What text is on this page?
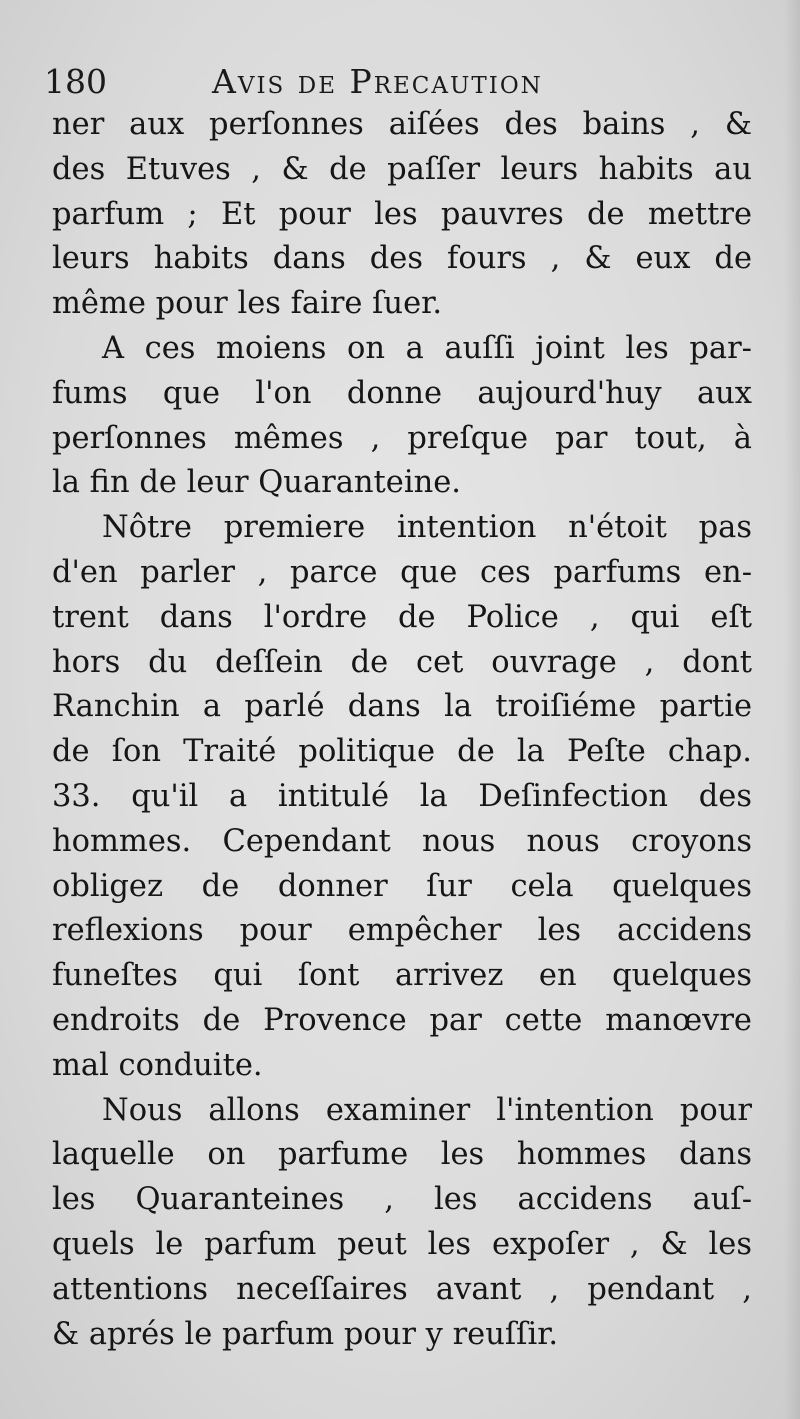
180	Avis de Precaution
ner aux perſonnes aiſées des bains , &
des Etuves , & de paſſer leurs habits au
parfum ; Et pour les pauvres de mettre
leurs habits dans des fours , & eux de
même pour les faire ſuer.
A ces moiens on a auſſi joint les par-
fums que l'on donne aujourd'huy aux
perſonnes mêmes , preſque par tout, à
la fin de leur Quaranteine.
Nôtre premiere intention n'étoit pas
d'en parler , parce que ces parfums en-
trent dans l'ordre de Police , qui eſt
hors du deſſein de cet ouvrage , dont
Ranchin a parlé dans la troiſiéme partie
de ſon Traité politique de la Peſte chap.
33. qu'il a intitulé la Deſinfection des
hommes. Cependant nous nous croyons
obligez de donner ſur cela quelques
reflexions pour empêcher les accidens
funeſtes qui ſont arrivez en quelques
endroits de Provence par cette manœvre
mal conduite.
Nous allons examiner l'intention pour
laquelle on parfume les hommes dans
les Quaranteines , les accidens auſ-
quels le parfum peut les expoſer , & les
attentions neceſſaires avant , pendant ,
& aprés le parfum pour y reuſſir.
